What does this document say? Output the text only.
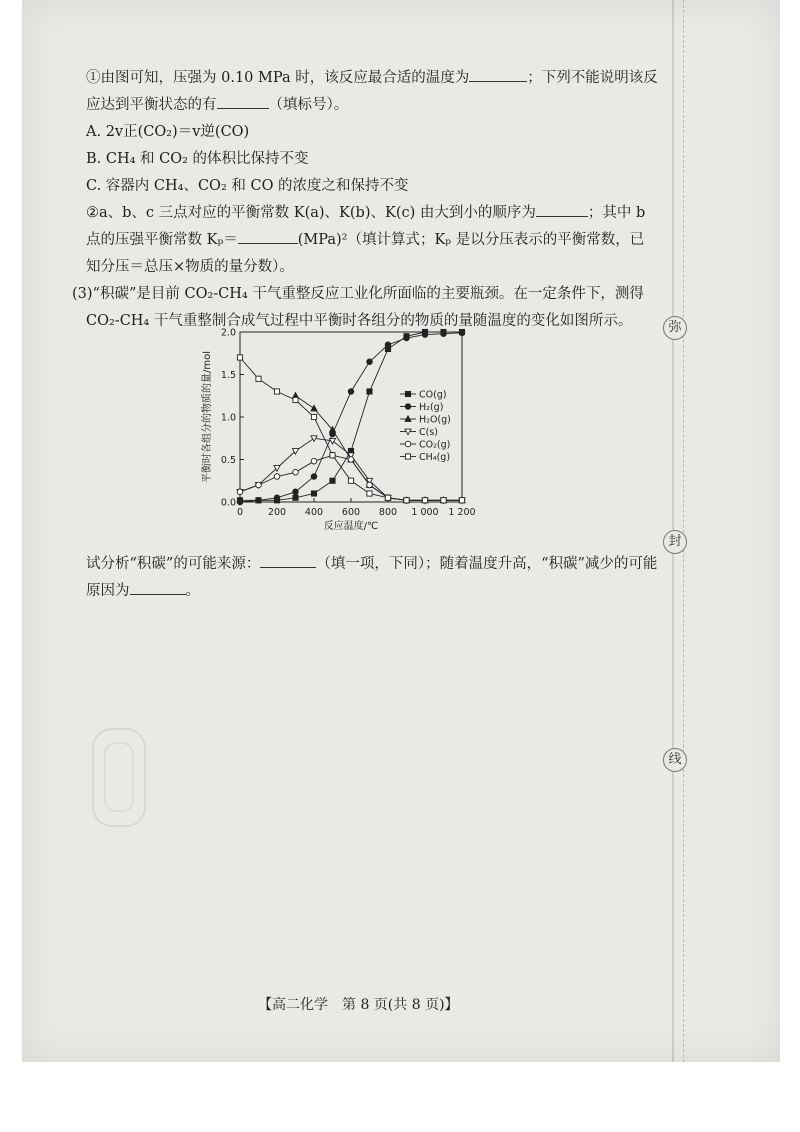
弥
封
线
①由图可知，压强为 0.10 MPa 时，该反应最合适的温度为	；下列不能说明该反
应达到平衡状态的有	（填标号）。
A. 2v正(CO₂)＝v逆(CO)
B. CH₄ 和 CO₂ 的体积比保持不变
C. 容器内 CH₄、CO₂ 和 CO 的浓度之和保持不变
②a、b、c 三点对应的平衡常数 K(a)、K(b)、K(c) 由大到小的顺序为	；其中 b
点的压强平衡常数 Kₚ＝	(MPa)²（填计算式；Kₚ 是以分压表示的平衡常数，已
知分压＝总压×物质的量分数）。
(3)“积碳”是目前 CO₂-CH₄ 干气重整反应工业化所面临的主要瓶颈。在一定条件下，测得
CO₂-CH₄ 干气重整制合成气过程中平衡时各组分的物质的量随温度的变化如图所示。
0	200 400 600 800 1 000 1 200
0.0
0.5
1.0
1.5
2.0
反应温度/℃
平衡时各组分的物质的量/mol	CO(g)
H₂(g)
H₂O(g)
C(s)
CO₂(g)
CH₄(g)
试分析“积碳”的可能来源：	（填一项，下同）；随着温度升高，“积碳”减少的可能
原因为	。
【高二化学　第 8 页(共 8 页)】
